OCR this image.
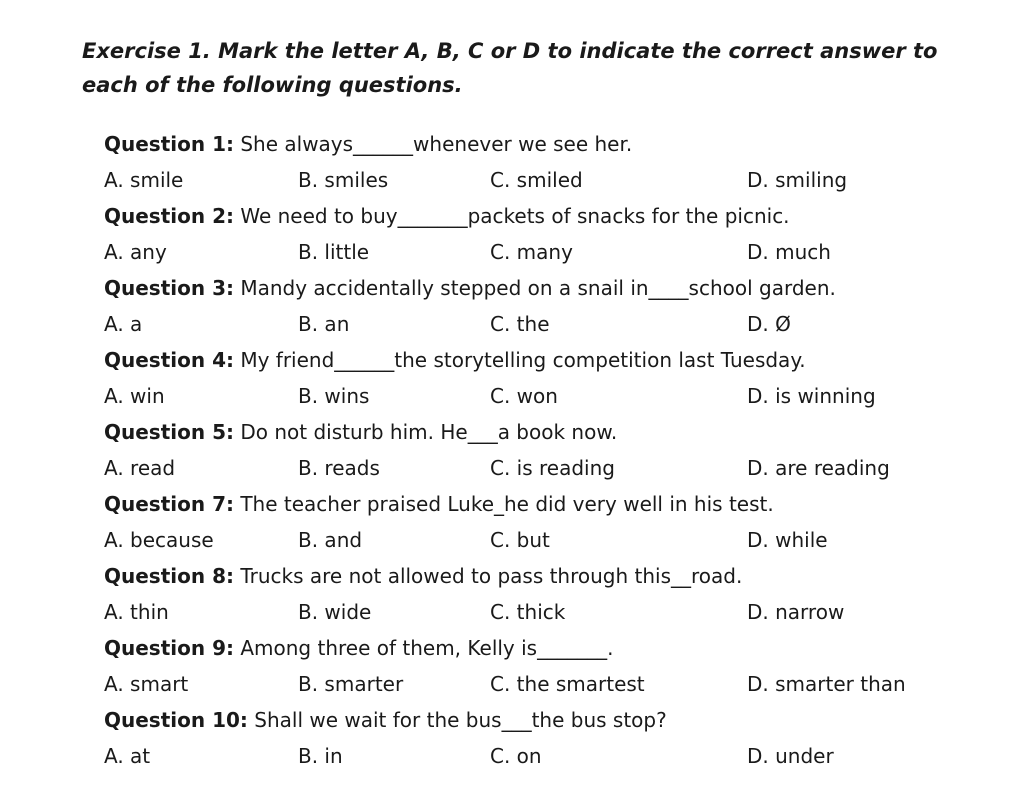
Exercise 1. Mark the letter A, B, C or D to indicate the correct answer to each of the following questions.
Question 1: She always______whenever we see her.
A. smile	B. smiles	C. smiled	D. smiling
Question 2: We need to buy_______packets of snacks for the picnic.
A. any	B. little	C. many	D. much
Question 3: Mandy accidentally stepped on a snail in____school garden.
A. a	B. an	C. the	D. Ø
Question 4: My friend______the storytelling competition last Tuesday.
A. win	B. wins	C. won	D. is winning
Question 5: Do not disturb him. He___a book now.
A. read	B. reads	C. is reading	D. are reading
Question 7: The teacher praised Luke_he did very well in his test.
A. because	B. and	C. but	D. while
Question 8: Trucks are not allowed to pass through this__road.
A. thin	B. wide	C. thick	D. narrow
Question 9: Among three of them, Kelly is_______.
A. smart	B. smarter	C. the smartest	D. smarter than
Question 10: Shall we wait for the bus___the bus stop?
A. at	B. in	C. on	D. under
